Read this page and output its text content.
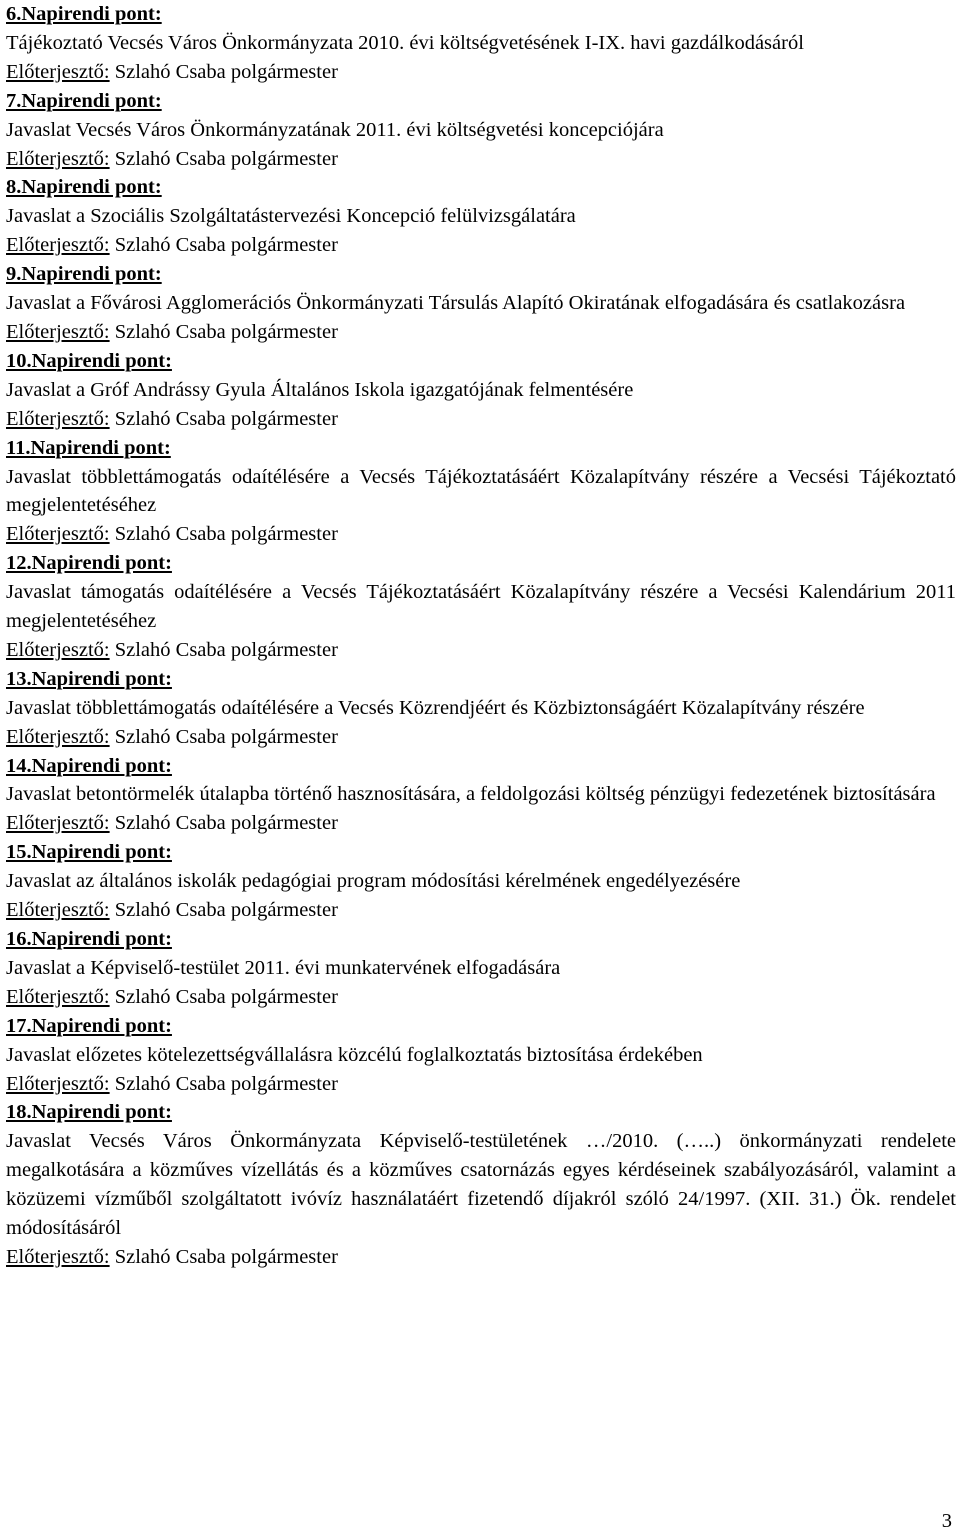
6.Napirendi pont:

Tájékoztató Vecsés Város Önkormányzata 2010. évi költségvetésének I-IX. havi gazdálkodásáról

Előterjesztő: Szlahó Csaba polgármester

7.Napirendi pont:

Javaslat Vecsés Város Önkormányzatának 2011. évi költségvetési koncepciójára

Előterjesztő: Szlahó Csaba polgármester

8.Napirendi pont:

Javaslat a Szociális Szolgáltatástervezési Koncepció felülvizsgálatára

Előterjesztő: Szlahó Csaba polgármester

9.Napirendi pont:

Javaslat a Fővárosi Agglomerációs Önkormányzati Társulás Alapító Okiratának elfogadására és csatlakozásra

Előterjesztő: Szlahó Csaba polgármester

10.Napirendi pont:

Javaslat a Gróf Andrássy Gyula Általános Iskola igazgatójának felmentésére

Előterjesztő: Szlahó Csaba polgármester

11.Napirendi pont:

Javaslat többlettámogatás odaítélésére a Vecsés Tájékoztatásáért Közalapítvány részére a Vecsési Tájékoztató megjelentetéséhez

Előterjesztő: Szlahó Csaba polgármester

12.Napirendi pont:

Javaslat támogatás odaítélésére a Vecsés Tájékoztatásáért Közalapítvány részére a Vecsési Kalendárium 2011 megjelentetéséhez

Előterjesztő: Szlahó Csaba polgármester

13.Napirendi pont:

Javaslat többlettámogatás odaítélésére a Vecsés Közrendjéért és Közbiztonságáért Közalapítvány részére

Előterjesztő: Szlahó Csaba polgármester

14.Napirendi pont:

Javaslat betontörmelék útalapba történő hasznosítására, a feldolgozási költség pénzügyi fedezetének biztosítására

Előterjesztő: Szlahó Csaba polgármester

15.Napirendi pont:

Javaslat az általános iskolák pedagógiai program módosítási kérelmének engedélyezésére

Előterjesztő: Szlahó Csaba polgármester

16.Napirendi pont:

Javaslat a Képviselő-testület 2011. évi munkatervének elfogadására

Előterjesztő: Szlahó Csaba polgármester

17.Napirendi pont:

Javaslat előzetes kötelezettségvállalásra közcélú foglalkoztatás biztosítása érdekében

Előterjesztő: Szlahó Csaba polgármester

18.Napirendi pont:

Javaslat Vecsés Város Önkormányzata Képviselő-testületének …/2010. (…..) önkormányzati rendelete megalkotására a közműves vízellátás és a közműves csatornázás egyes kérdéseinek szabályozásáról, valamint a közüzemi vízműből szolgáltatott ivóvíz használatáért fizetendő díjakról szóló 24/1997. (XII. 31.) Ök. rendelet módosításáról

Előterjesztő: Szlahó Csaba polgármester

3
